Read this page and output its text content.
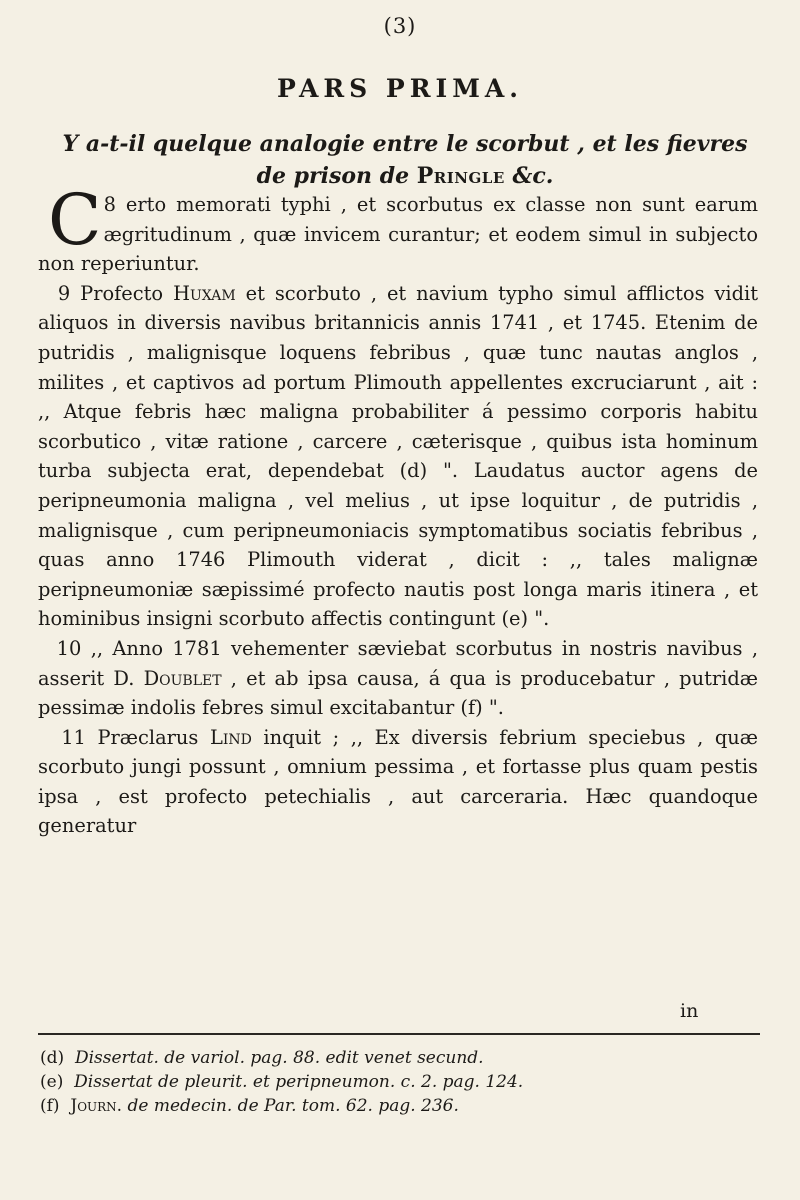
(3)
PARS PRIMA.
Y a-t-il quelque analogie entre le scorbut , et les fievres de prison de Pringle &c.

8
C erto memorati typhi , et scorbutus ex classe non sunt earum ægritudinum , quæ invicem curantur; et eodem simul in subjecto non reperiuntur.

9 Profecto Huxam et scorbuto , et navium typho simul afflictos vidit aliquos in diversis navibus britannicis annis 1741 , et 1745. Etenim de putridis , malignisque loquens febribus , quæ tunc nautas anglos , milites , et captivos ad portum Plimouth appellentes excruciarunt , ait : ,, Atque febris hæc maligna probabiliter á pessimo corporis habitu scorbutico , vitæ ratione , carcere , cæterisque , quibus ista hominum turba subjecta erat, dependebat (d) ". Laudatus auctor agens de peripneumonia maligna , vel melius , ut ipse loquitur , de putridis , malignisque , cum peripneumoniacis symptomatibus sociatis febribus , quas anno 1746 Plimouth viderat , dicit : ,, tales malignæ peripneumoniæ sæpissimé profecto nautis post longa maris itinera , et hominibus insigni scorbuto affectis contingunt (e) ".

10 ,, Anno 1781 vehementer sæviebat scorbutus in nostris navibus , asserit D. Doublet , et ab ipsa causa, á qua is producebatur , putridæ pessimæ indolis febres simul excitabantur (f) ".

11 Præclarus Lind inquit ; ,, Ex diversis febrium speciebus , quæ scorbuto jungi possunt , omnium pessima , et fortasse plus quam pestis ipsa , est profecto petechialis , aut carceraria. Hæc quandoque generatur

in

(d) Dissertat. de variol. pag. 88. edit venet secund.

(e) Dissertat de pleurit. et peripneumon. c. 2. pag. 124.

(f) Journ. de medecin. de Par. tom. 62. pag. 236.
